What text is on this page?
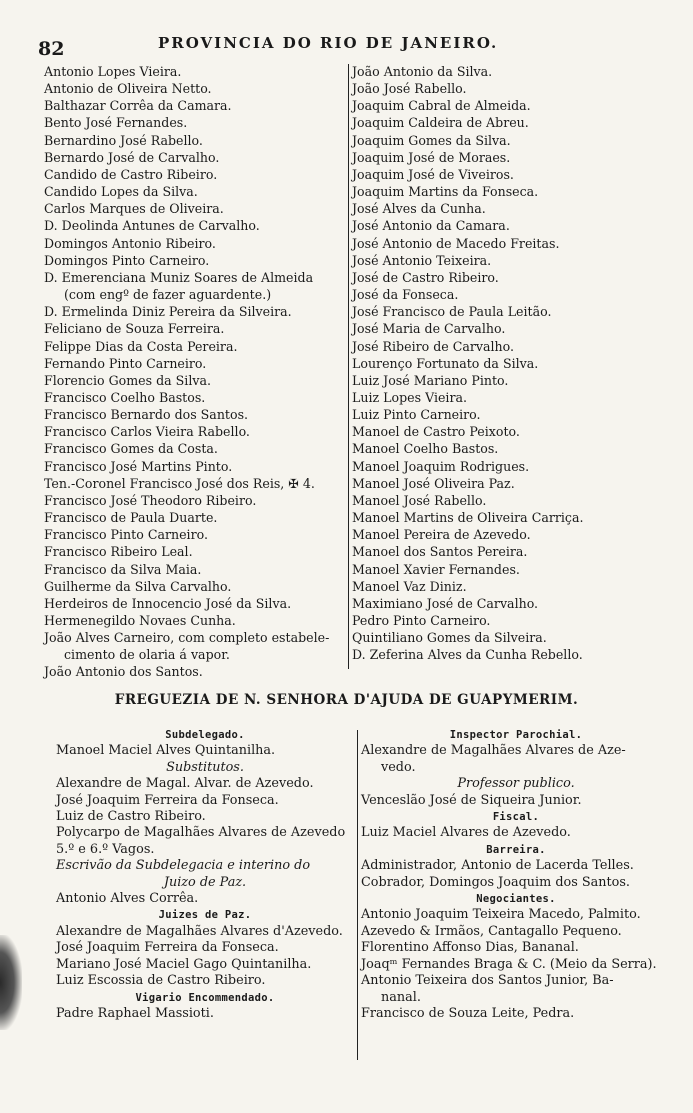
82	PROVINCIA DO RIO DE JANEIRO.
Antonio Lopes Vieira.
Antonio de Oliveira Netto.
Balthazar Corrêa da Camara.
Bento José Fernandes.
Bernardino José Rabello.
Bernardo José de Carvalho.
Candido de Castro Ribeiro.
Candido Lopes da Silva.
Carlos Marques de Oliveira.
D. Deolinda Antunes de Carvalho.
Domingos Antonio Ribeiro.
Domingos Pinto Carneiro.
D. Emerenciana Muniz Soares de Almeida
(com engº de fazer aguardente.)
D. Ermelinda Diniz Pereira da Silveira.
Feliciano de Souza Ferreira.
Felippe Dias da Costa Pereira.
Fernando Pinto Carneiro.
Florencio Gomes da Silva.
Francisco Coelho Bastos.
Francisco Bernardo dos Santos.
Francisco Carlos Vieira Rabello.
Francisco Gomes da Costa.
Francisco José Martins Pinto.
Ten.-Coronel Francisco José dos Reis, ✠ 4.
Francisco José Theodoro Ribeiro.
Francisco de Paula Duarte.
Francisco Pinto Carneiro.
Francisco Ribeiro Leal.
Francisco da Silva Maia.
Guilherme da Silva Carvalho.
Herdeiros de Innocencio José da Silva.
Hermenegildo Novaes Cunha.
João Alves Carneiro, com completo estabele-
cimento de olaria á vapor.
João Antonio dos Santos.
João Antonio da Silva.
João José Rabello.
Joaquim Cabral de Almeida.
Joaquim Caldeira de Abreu.
Joaquim Gomes da Silva.
Joaquim José de Moraes.
Joaquim José de Viveiros.
Joaquim Martins da Fonseca.
José Alves da Cunha.
José Antonio da Camara.
José Antonio de Macedo Freitas.
José Antonio Teixeira.
José de Castro Ribeiro.
José da Fonseca.
José Francisco de Paula Leitão.
José Maria de Carvalho.
José Ribeiro de Carvalho.
Lourenço Fortunato da Silva.
Luiz José Mariano Pinto.
Luiz Lopes Vieira.
Luiz Pinto Carneiro.
Manoel de Castro Peixoto.
Manoel Coelho Bastos.
Manoel Joaquim Rodrigues.
Manoel José Oliveira Paz.
Manoel José Rabello.
Manoel Martins de Oliveira Carriça.
Manoel Pereira de Azevedo.
Manoel dos Santos Pereira.
Manoel Xavier Fernandes.
Manoel Vaz Diniz.
Maximiano José de Carvalho.
Pedro Pinto Carneiro.
Quintiliano Gomes da Silveira.
D. Zeferina Alves da Cunha Rebello.
FREGUEZIA DE N. SENHORA D'AJUDA DE GUAPYMERIM.
Subdelegado.
Manoel Maciel Alves Quintanilha.
Substitutos.
Alexandre de Magal. Alvar. de Azevedo.
José Joaquim Ferreira da Fonseca.
Luiz de Castro Ribeiro.
Polycarpo de Magalhães Alvares de Azevedo
5.º e 6.º Vagos.
Escrivão da Subdelegacia e interino do
Juizo de Paz.
Antonio Alves Corrêa.
Juizes de Paz.
Alexandre de Magalhães Alvares d'Azevedo.
José Joaquim Ferreira da Fonseca.
Mariano José Maciel Gago Quintanilha.
Luiz Escossia de Castro Ribeiro.
Vigario Encommendado.
Padre Raphael Massioti.
Inspector Parochial.
Alexandre de Magalhães Alvares de Aze-
vedo.
Professor publico.
Venceslão José de Siqueira Junior.
Fiscal.
Luiz Maciel Alvares de Azevedo.
Barreira.
Administrador, Antonio de Lacerda Telles.
Cobrador, Domingos Joaquim dos Santos.
Negociantes.
Antonio Joaquim Teixeira Macedo, Palmito.
Azevedo & Irmãos, Cantagallo Pequeno.
Florentino Affonso Dias, Bananal.
Joaqᵐ Fernandes Braga & C. (Meio da Serra).
Antonio Teixeira dos Santos Junior, Ba-
nanal.
Francisco de Souza Leite, Pedra.
